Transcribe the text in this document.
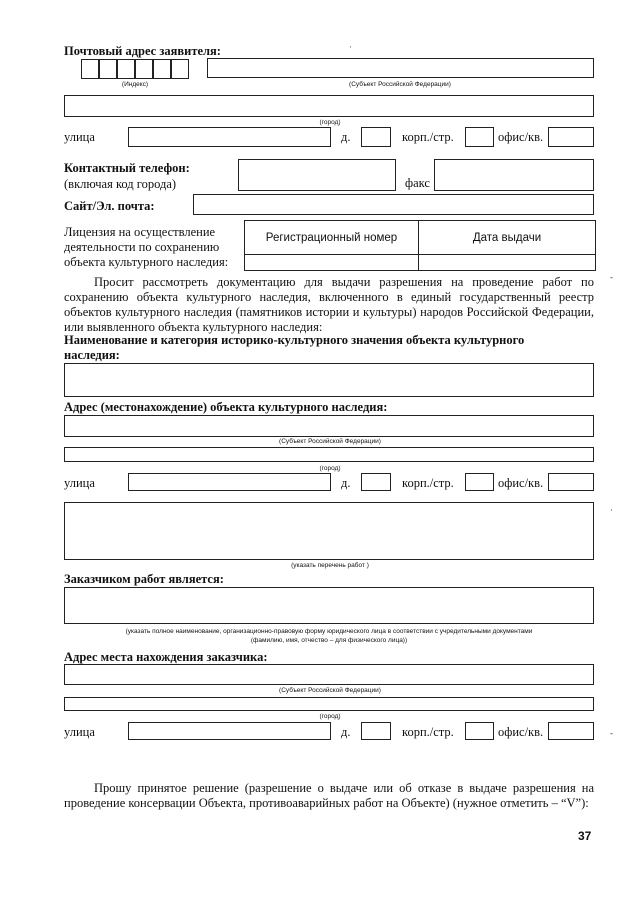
Почтовый адрес заявителя:	·
(Индекс)	(Субъект Российской Федерации)
(город)
улица	д.	корп./стр.	офис/кв.
Контактный телефон:
(включая код города)	факс
Сайт/Эл. почта:
Лицензия на осуществление
деятельности по сохранению
объекта культурного наследия:
Регистрационный номер	Дата выдачи

-
Просит рассмотреть документацию для выдачи разрешения на проведение работ по сохранению объекта культурного наследия, включенного в единый государственный реестр объектов культурного наследия (памятников истории и культуры) народов Российской Федерации, или выявленного объекта культурного наследия:
Наименование и категория историко-культурного значения объекта культурного наследия:
Адрес (местонахождение) объекта культурного наследия:
(Субъект Российской Федерации)
(город)
улица	д.	корп./стр.	офис/кв.
·
(указать перечень работ )
Заказчиком работ является:
(указать полное наименование, организационно-правовую форму юридического лица в соответствии с учредительными документами
(фамилию, имя, отчество – для физического лица))
Адрес места нахождения заказчика:
(Субъект Российской Федерации)
(город)
улица	д.	корп./стр.	офис/кв.	-
Прошу принятое решение (разрешение о выдаче или об отказе в выдаче разрешения на проведение консервации Объекта, противоаварийных работ на Объекте) (нужное отметить – “V”):
37
